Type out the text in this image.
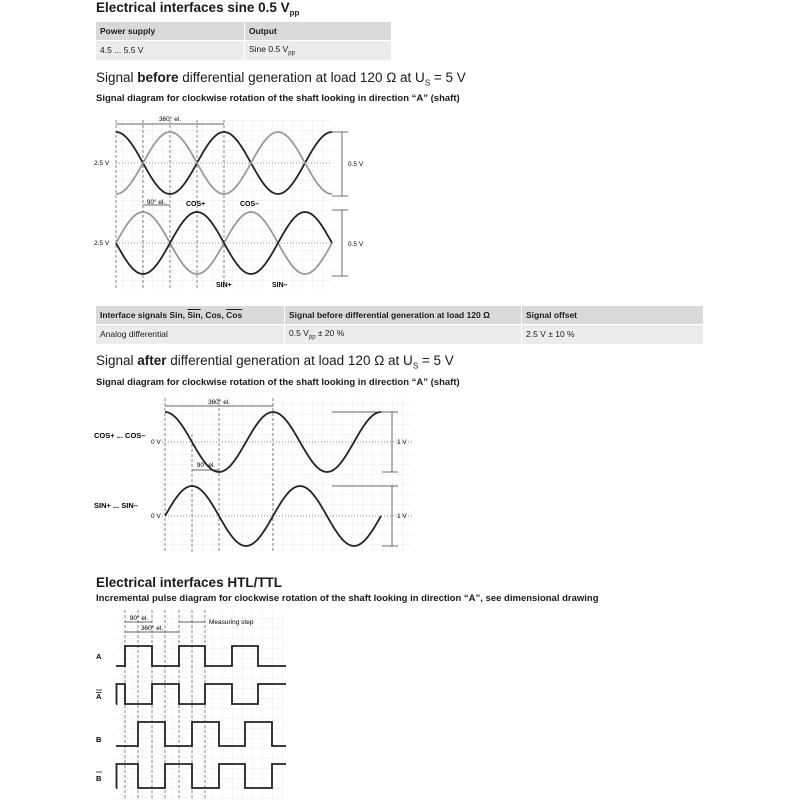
Electrical interfaces sine 0.5 $V_{pp}$
Power supply	Output
4.5 ... 5.5 V	Sine 0.5 $V_{pp}$
Signal before differential generation at load 120 Ω at $U_S = 5$ V
Signal diagram for clockwise rotation of the shaft looking in direction “A” (shaft)
360° el.
90° el.
2.5 V
2.5 V
0.5 V
0.5 V
COS+	COS–
SIN+	SIN–
Interface signals Sin, $\overline{Sin}$, Cos, $\overline{Cos}$	Signal before differential generation at load 120 Ω	Signal offset
Analog differential	0.5 $V_{pp} \pm 20$ %	2.5 V ± 10 %
Signal after differential generation at load 120 Ω at $U_S = 5$ V
Signal diagram for clockwise rotation of the shaft looking in direction “A” (shaft)
360° el.
90° el.
COS+ ... COS–
SIN+ ... SIN–
0 V
0 V
1 V
1 V
Electrical interfaces HTL/TTL
Incremental pulse diagram for clockwise rotation of the shaft looking in direction “A”, see dimensional drawing
90° el.
360° el.
Measuring step
A
A
B
B
